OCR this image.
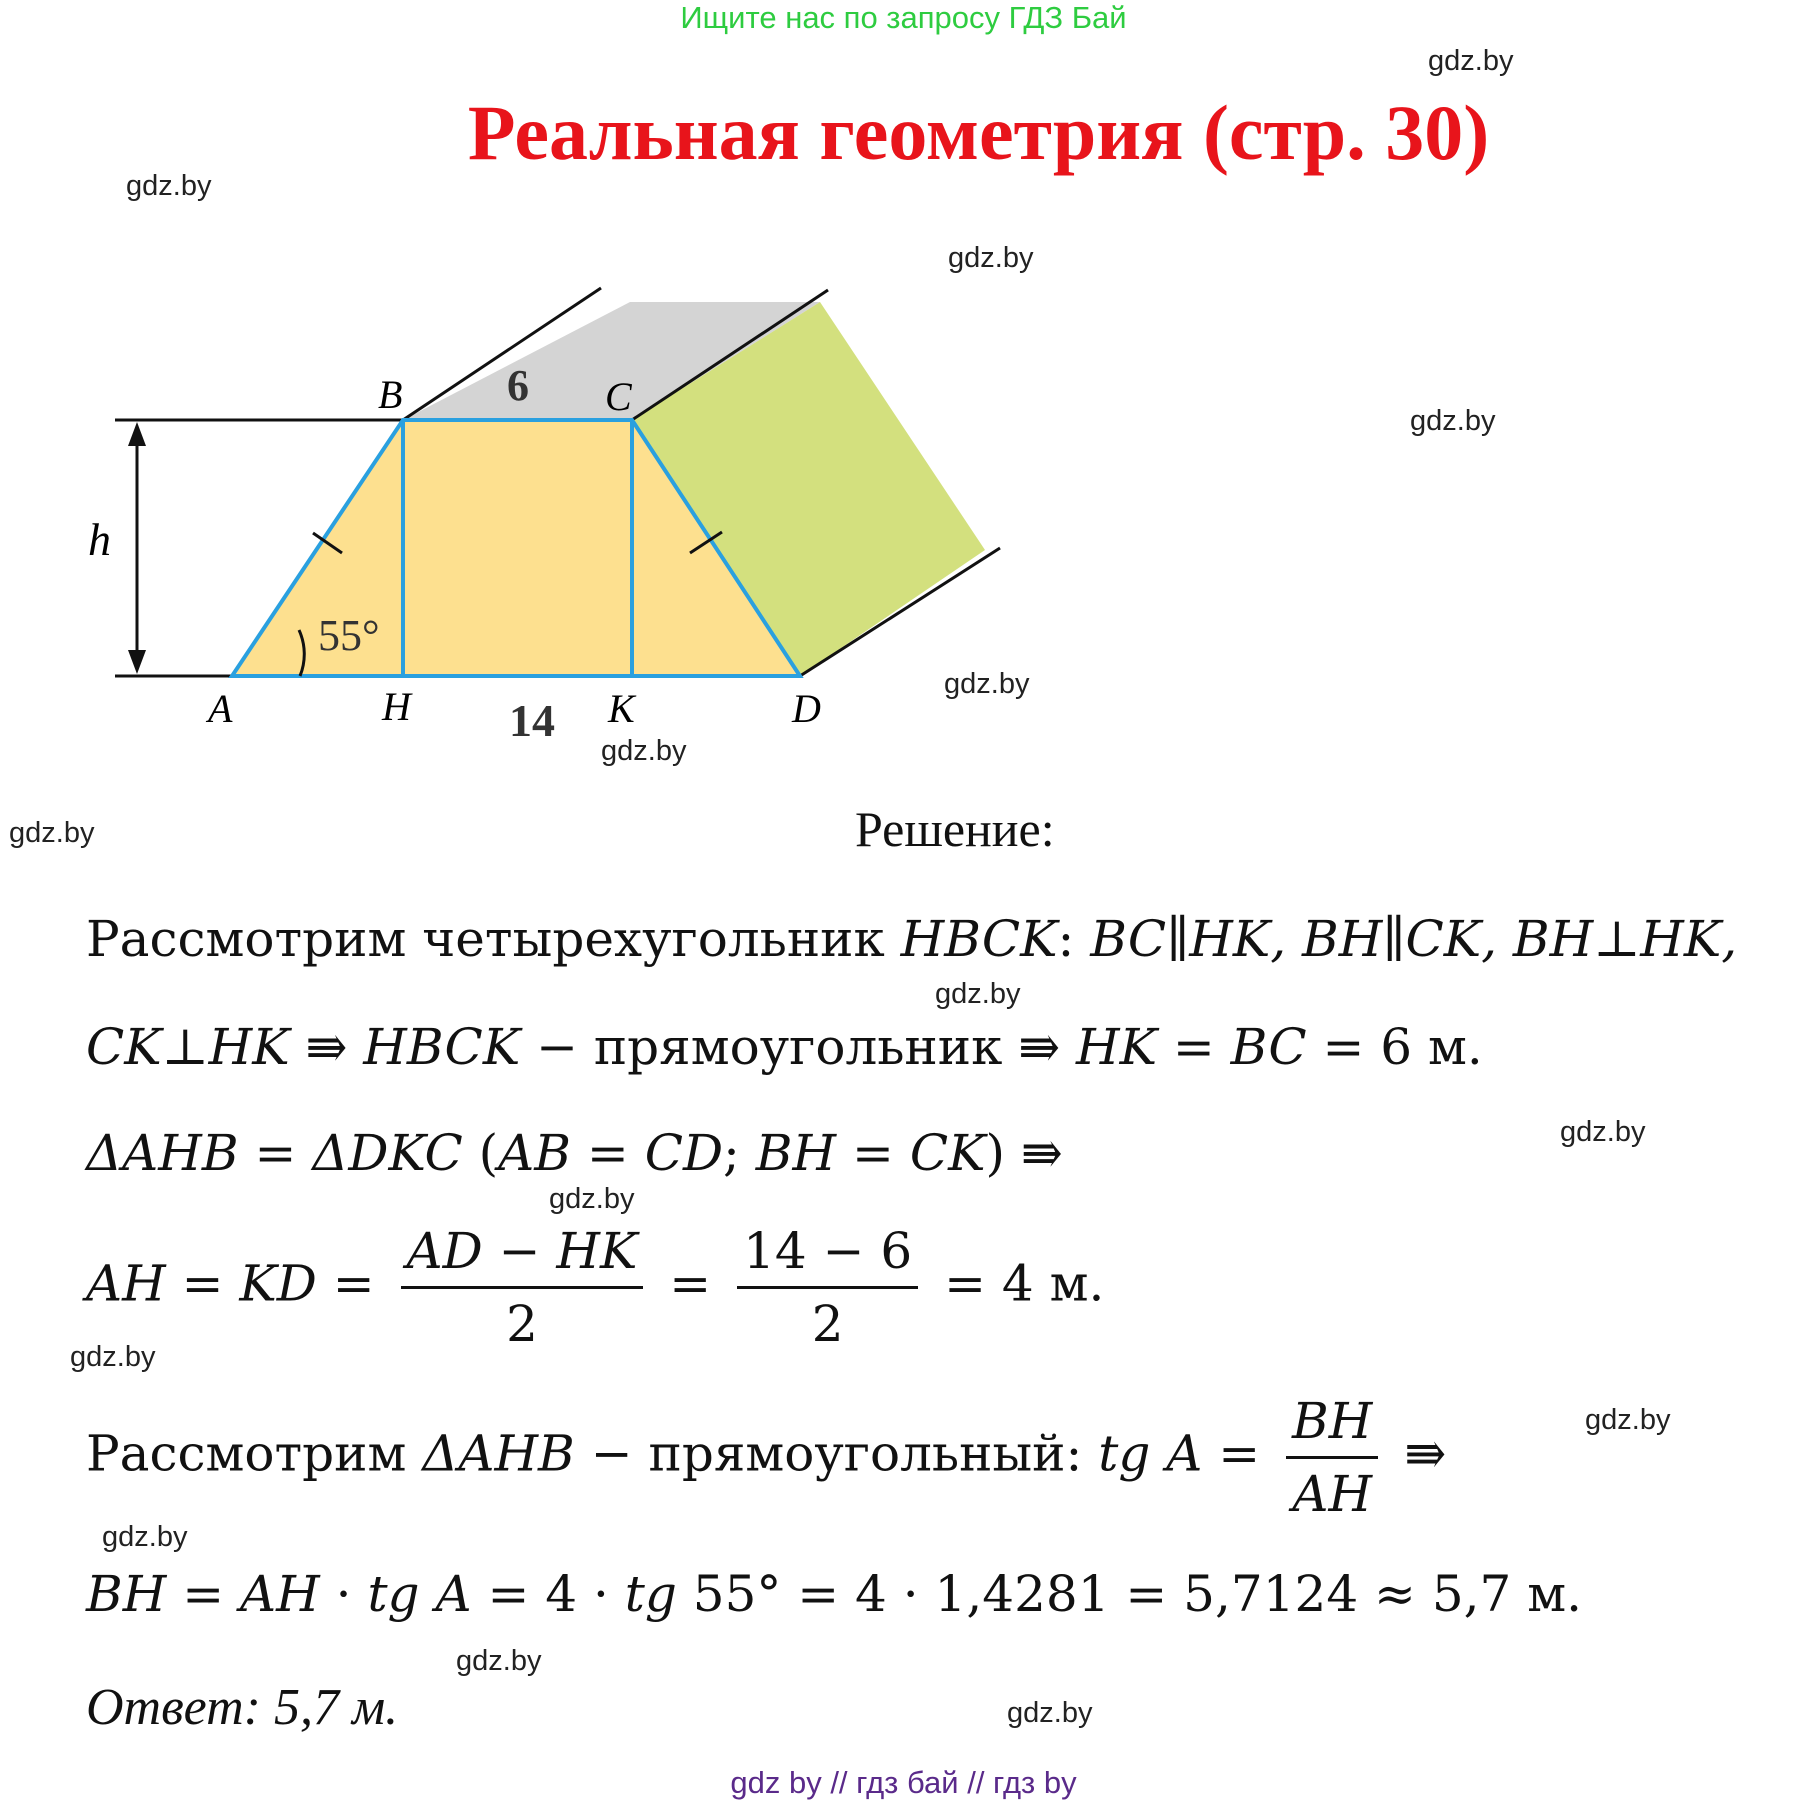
Ищите нас по запросу ГДЗ Бай
Реальная геометрия (стр. 30)
gdz.by
gdz.by
gdz.by
gdz.by
gdz.by
gdz.by
gdz.by
gdz.by
gdz.by
gdz.by
gdz.by
gdz.by
gdz.by
gdz.by
gdz.by
h
B	C
6
55°
A	H 14 K	D
Решение:
Рассмотрим четырехугольник HBCK: BC∥HK, BH∥CK, BH⊥HK,
CK⊥HK ⇛ HBCK − прямоугольник ⇛ HK = BC = 6 м.
ΔAHB = ΔDKC (AB = CD; BH = CK) ⇛
AH = KD = $\frac{AD - HK}{2} = \frac{14 - 6}{2} = 4$ м.
Рассмотрим ΔAHB − прямоугольный: tg $A = \frac{BH}{AH}$ ⇛
BH = AH · tg A = 4 · tg 55° = 4 · 1,4281 = 5,7124 ≈ 5,7 м.
Ответ: 5,7 м.
gdz by // гдз бай // гдз by
